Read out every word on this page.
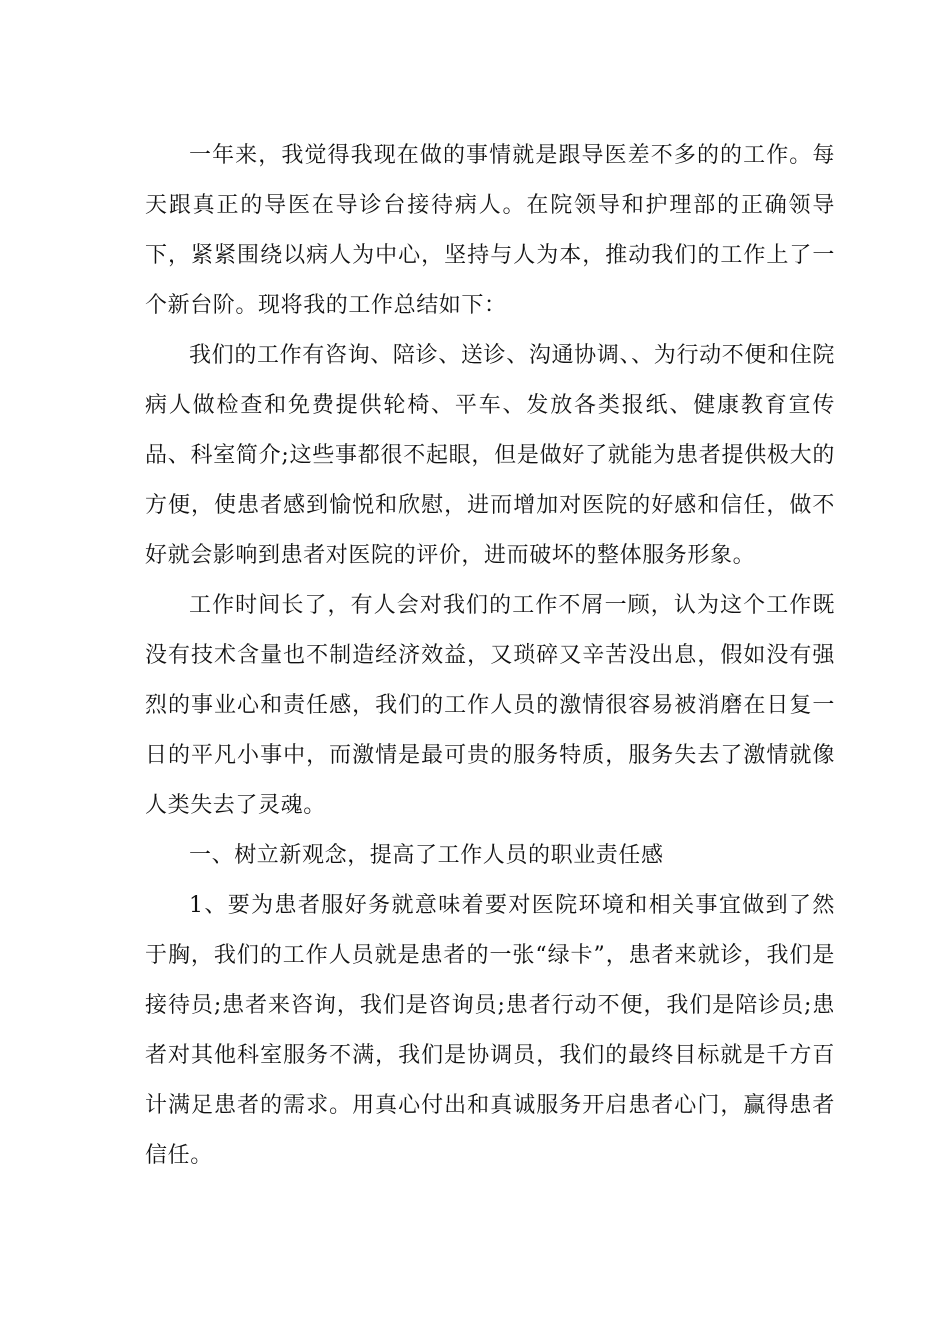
一年来，我觉得我现在做的事情就是跟导医差不多的的工作。每天跟真正的导医在导诊台接待病人。在院领导和护理部的正确领导下，紧紧围绕以病人为中心，坚持与人为本，推动我们的工作上了一个新台阶。现将我的工作总结如下：

我们的工作有咨询、陪诊、送诊、沟通协调、、为行动不便和住院病人做检查和免费提供轮椅、平车、发放各类报纸、健康教育宣传品、科室简介;这些事都很不起眼，但是做好了就能为患者提供极大的方便，使患者感到愉悦和欣慰，进而增加对医院的好感和信任，做不好就会影响到患者对医院的评价，进而破坏的整体服务形象。

工作时间长了，有人会对我们的工作不屑一顾，认为这个工作既没有技术含量也不制造经济效益，又琐碎又辛苦没出息，假如没有强烈的事业心和责任感，我们的工作人员的激情很容易被消磨在日复一日的平凡小事中，而激情是最可贵的服务特质，服务失去了激情就像人类失去了灵魂。

一、树立新观念，提高了工作人员的职业责任感

1、要为患者服好务就意味着要对医院环境和相关事宜做到了然于胸，我们的工作人员就是患者的一张“绿卡”，患者来就诊，我们是接待员;患者来咨询，我们是咨询员;患者行动不便，我们是陪诊员;患者对其他科室服务不满，我们是协调员，我们的最终目标就是千方百计满足患者的需求。用真心付出和真诚服务开启患者心门，赢得患者信任。
